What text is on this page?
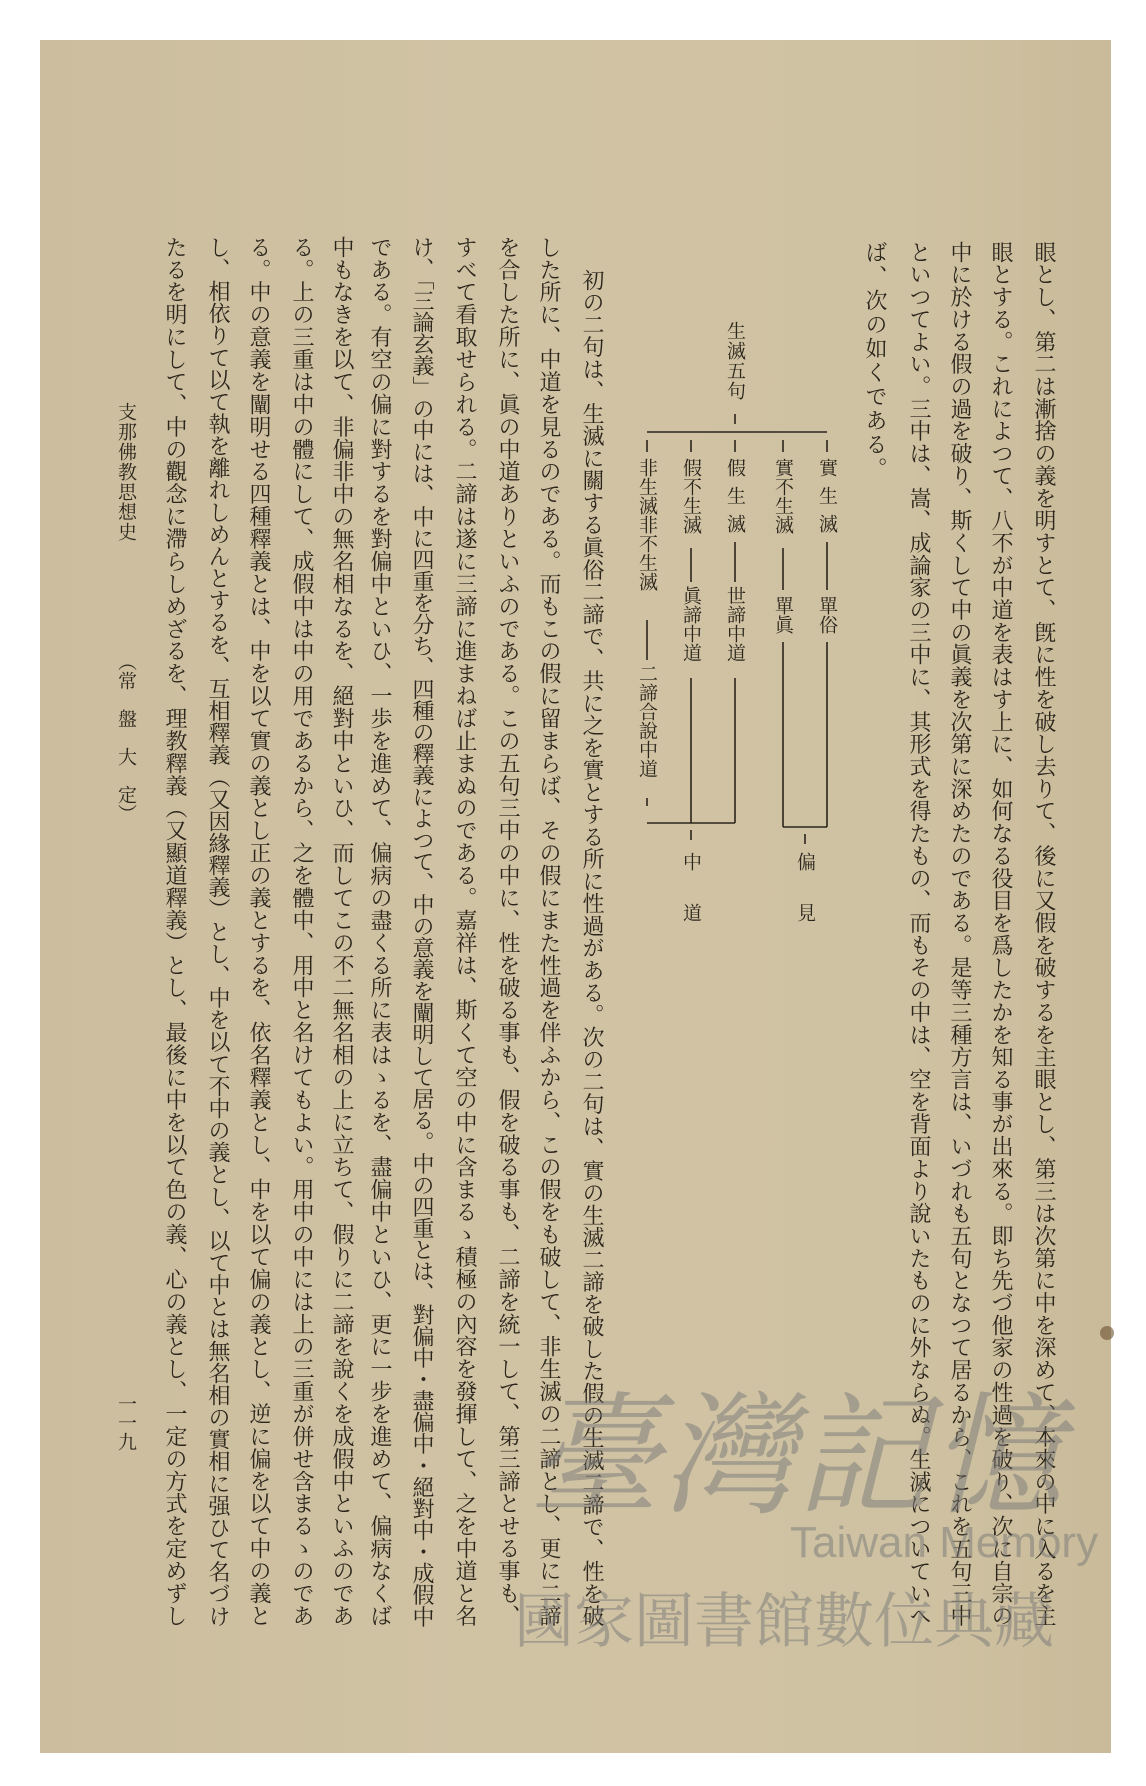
眼とし、第二は漸捨の義を明すとて、旣に性を破し去りて、後に又假を破するを主眼とし、第三は次第に中を深めて、本來の中に入るを主
眼とする。これによつて、八不が中道を表はす上に、如何なる役目を爲したかを知る事が出來る。即ち先づ他家の性過を破り、次に自宗の
中に於ける假の過を破り、斯くして中の眞義を次第に深めたのである。是等三種方言は、いづれも五句となつて居るから、これを五句三中
といつてよい。三中は、嵩、成論家の三中に、其形式を得たもの、而もその中は、空を背面より說いたものに外ならぬ。生滅についていへ
ば、次の如くである。
生滅五句
實生滅
單俗
實不生滅
單眞
假生滅
世諦中道
假不生滅
眞諦中道
非生滅非不生滅
二諦合說中道
偏見
中道
初の二句は、生滅に關する眞俗二諦で、共に之を實とする所に性過がある。次の二句は、實の生滅二諦を破した假の生滅二諦で、性を破
した所に、中道を見るのである。而もこの假に留まらば、その假にまた性過を伴ふから、この假をも破して、非生滅の二諦とし、更に二諦
を合した所に、眞の中道ありといふのである。この五句三中の中に、性を破る事も、假を破る事も、二諦を統一して、第三諦とせる事も、
すべて看取せられる。二諦は遂に三諦に進まねば止まぬのである。嘉祥は、斯くて空の中に含まるゝ積極の內容を發揮して、之を中道と名
け、「三論玄義」の中には、中に四重を分ち、四種の釋義によつて、中の意義を闡明して居る。中の四重とは、對偏中・盡偏中・絕對中・成假中
である。有空の偏に對するを對偏中といひ、一歩を進めて、偏病の盡くる所に表はゝるを、盡偏中といひ、更に一步を進めて、偏病なくば
中もなきを以て、非偏非中の無名相なるを、絕對中といひ、而してこの不二無名相の上に立ちて、假りに二諦を說くを成假中といふのであ
る。上の三重は中の體にして、成假中は中の用であるから、之を體中、用中と名けてもよい。用中の中には上の三重が併せ含まるゝのであ
る。中の意義を闡明せる四種釋義とは、中を以て實の義とし正の義とするを、依名釋義とし、中を以て偏の義とし、逆に偏を以て中の義と
し、相依りて以て執を離れしめんとするを、互相釋義（又因緣釋義）とし、中を以て不中の義とし、以て中とは無名相の實相に强ひて名づけ
たるを明にして、中の觀念に滯らしめざるを、理教釋義（又顯道釋義）とし、最後に中を以て色の義、心の義とし、一定の方式を定めずし
支那佛教思想史
（常　盤　大　定）
一一九	臺灣記憶
Taiwan Memory
國家圖書館數位典藏
